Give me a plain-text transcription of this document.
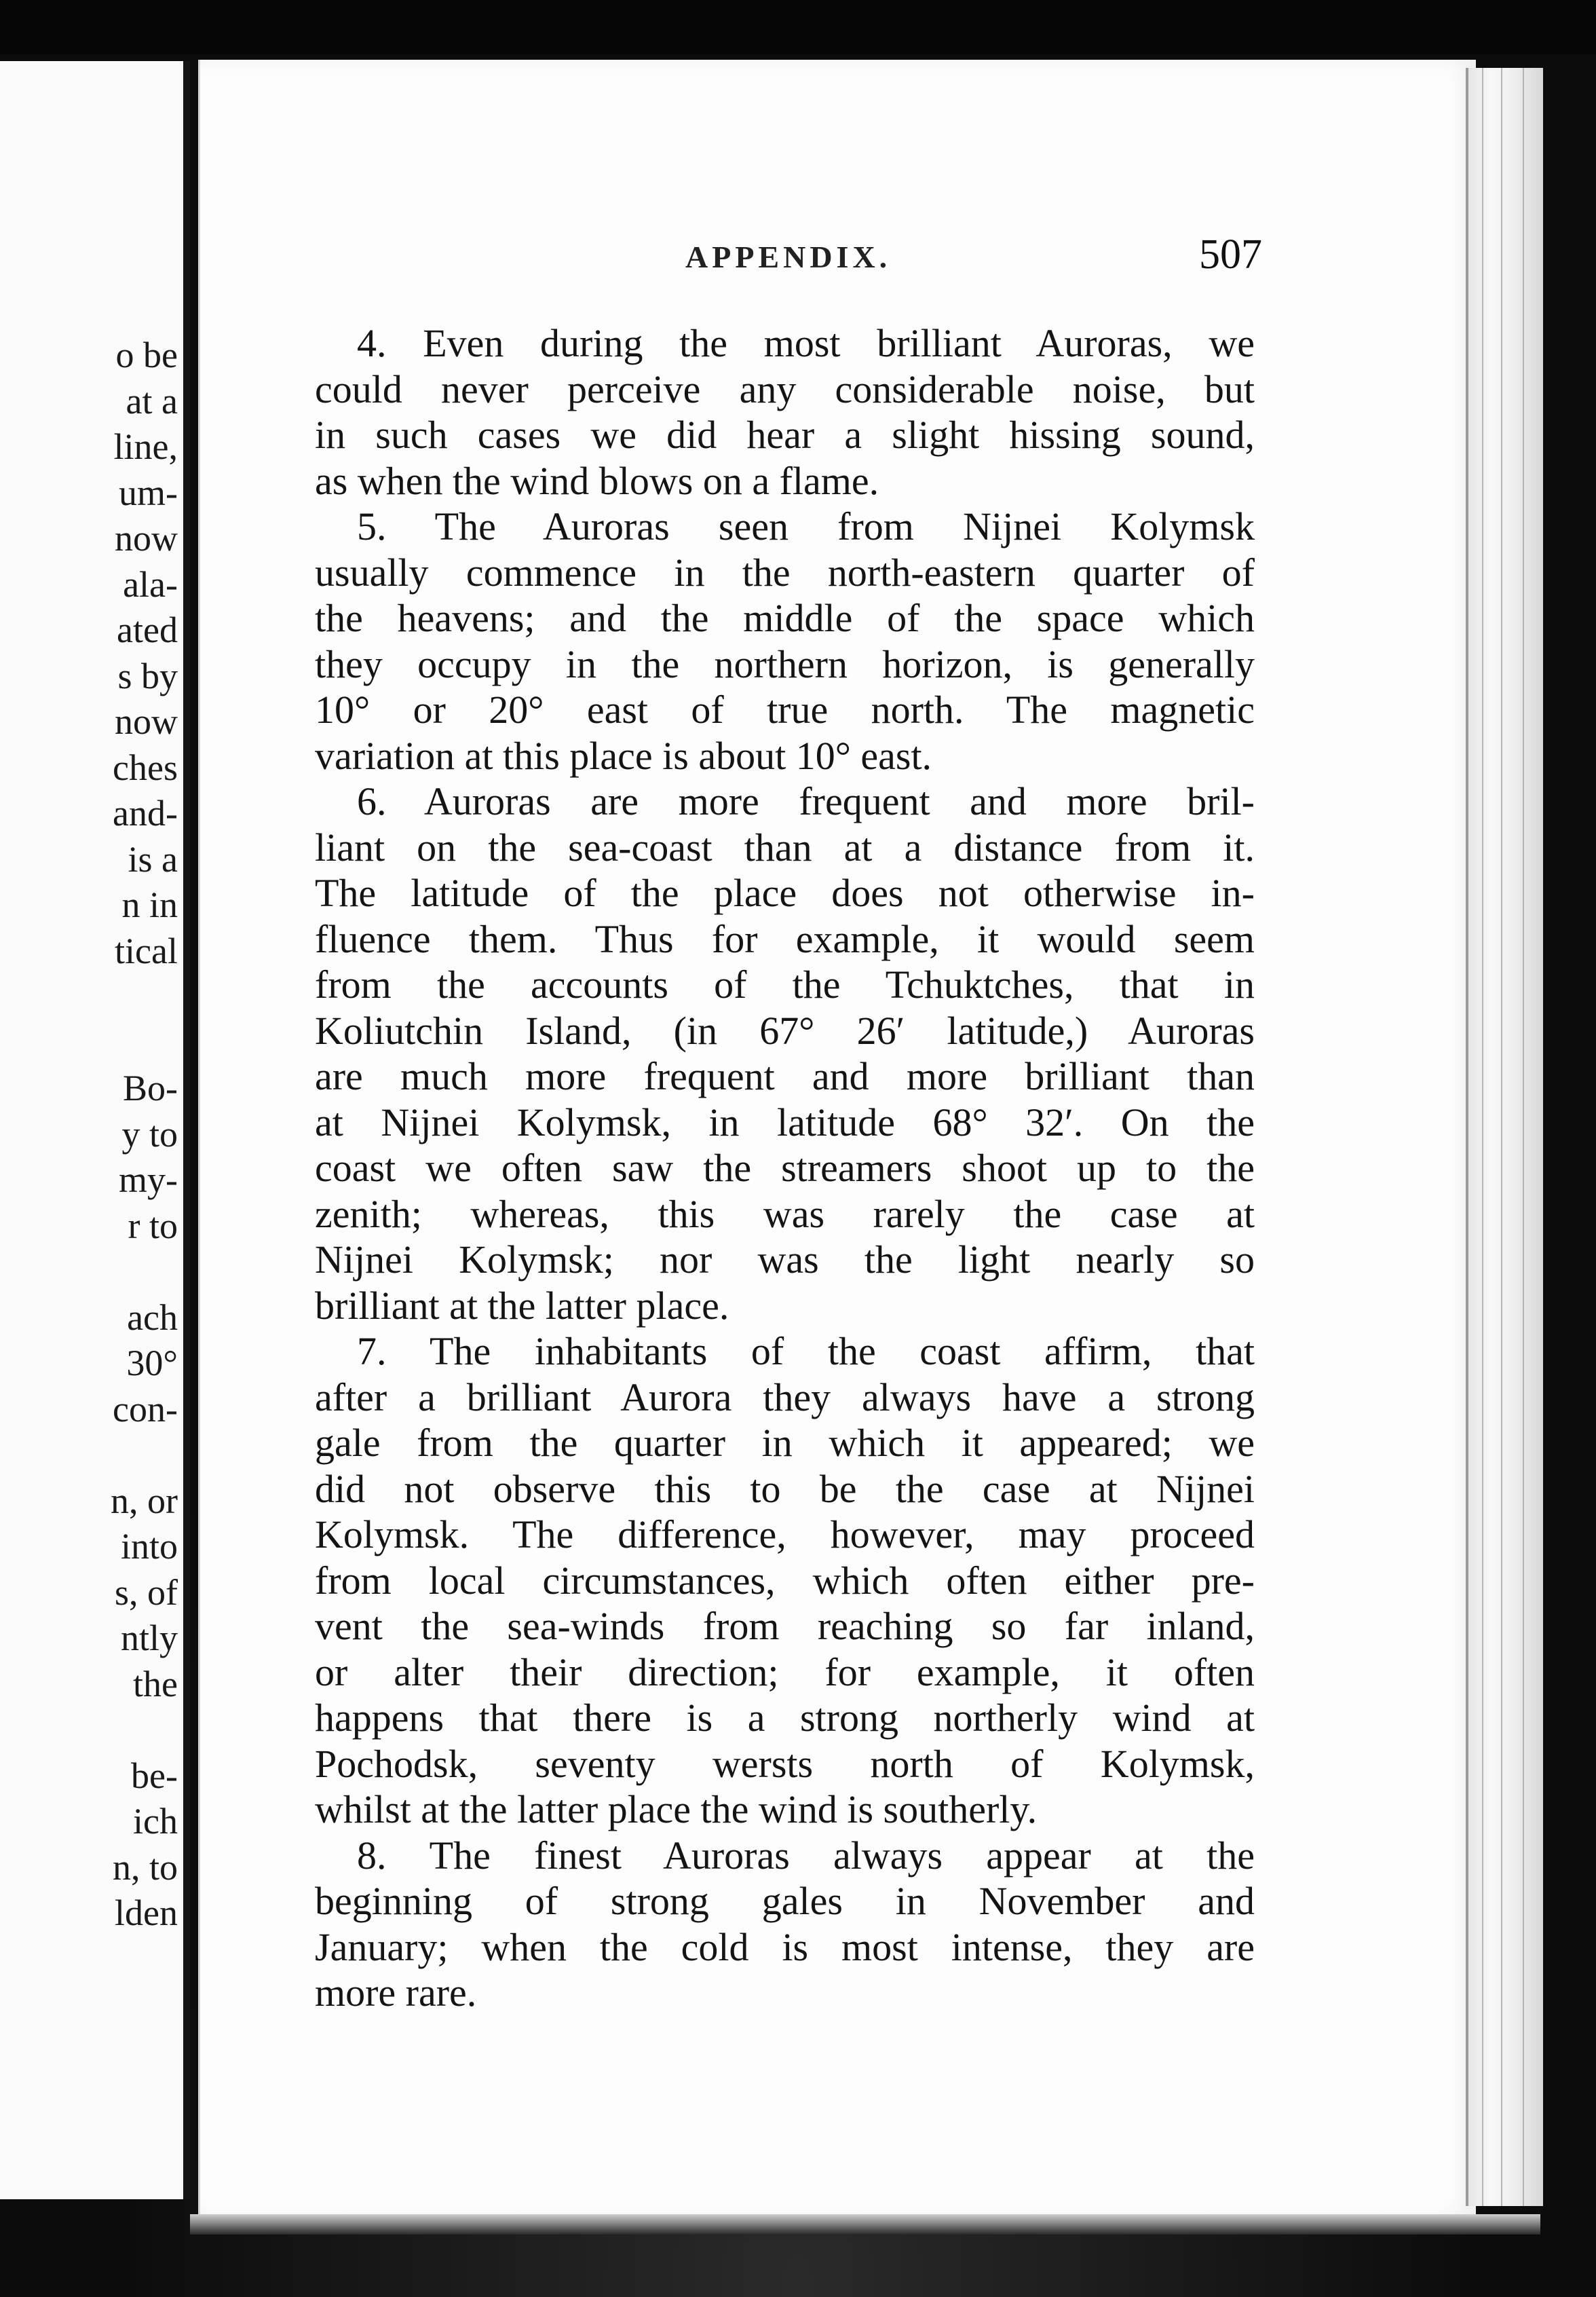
o be
at a
line,
um-
now
ala-
ated
s by
now
ches
and-
is a
n in
tical
Bo-
y to
my-
r to
ach
30°
con-
n, or
into
s, of
ntly
the
be-
ich
n, to
lden
APPENDIX.	507

4. Even during the most brilliant Auroras, we
could never perceive any considerable noise, but
in such cases we did hear a slight hissing sound,
as when the wind blows on a flame.

5. The Auroras seen from Nijnei Kolymsk
usually commence in the north-eastern quarter of
the heavens; and the middle of the space which
they occupy in the northern horizon, is generally
10° or 20° east of true north. The magnetic
variation at this place is about 10° east.

6. Auroras are more frequent and more bril-
liant on the sea-coast than at a distance from it.
The latitude of the place does not otherwise in-
fluence them. Thus for example, it would seem
from the accounts of the Tchuktches, that in
Koliutchin Island, (in 67° 26′ latitude,) Auroras
are much more frequent and more brilliant than
at Nijnei Kolymsk, in latitude 68° 32′. On the
coast we often saw the streamers shoot up to the
zenith; whereas, this was rarely the case at
Nijnei Kolymsk; nor was the light nearly so
brilliant at the latter place.

7. The inhabitants of the coast affirm, that
after a brilliant Aurora they always have a strong
gale from the quarter in which it appeared; we
did not observe this to be the case at Nijnei
Kolymsk. The difference, however, may proceed
from local circumstances, which often either pre-
vent the sea-winds from reaching so far inland,
or alter their direction; for example, it often
happens that there is a strong northerly wind at
Pochodsk, seventy wersts north of Kolymsk,
whilst at the latter place the wind is southerly.

8. The finest Auroras always appear at the
beginning of strong gales in November and
January; when the cold is most intense, they are
more rare.
